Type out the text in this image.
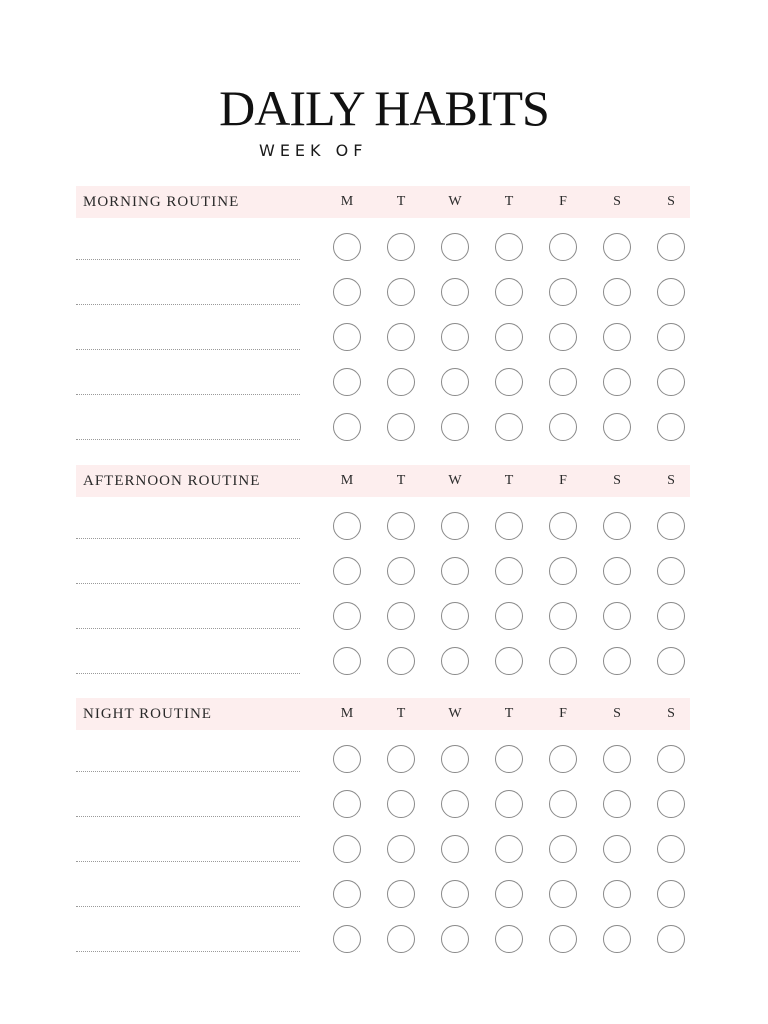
DAILY HABITS
WEEK OF
MORNING ROUTINE	M	T	W	T	F	S	S
AFTERNOON ROUTINE	M	T	W	T	F	S	S
NIGHT ROUTINE	M	T	W	T	F	S	S
